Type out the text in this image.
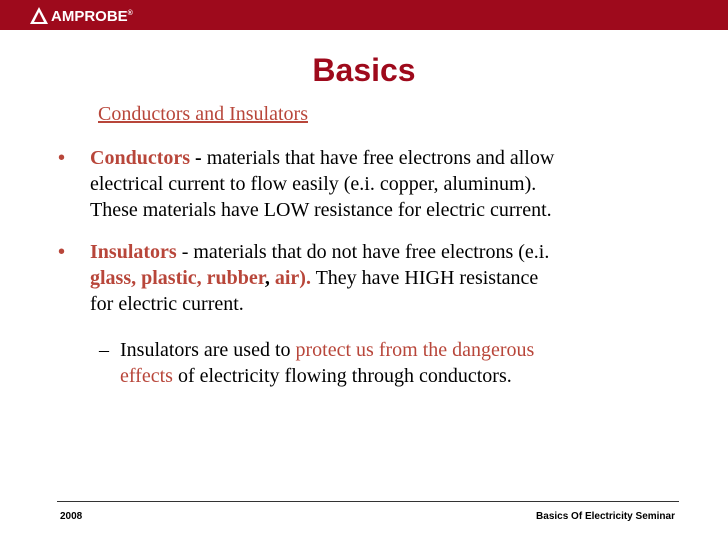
AMPROBE®
Basics
Conductors and Insulators
• Conductors - materials that have free electrons and allow
electrical current to flow easily (e.i. copper, aluminum).
These materials have LOW resistance for electric current.
• Insulators - materials that do not have free electrons (e.i.
glass, plastic, rubber, air). They have HIGH resistance
for electric current.
– Insulators are used to protect us from the dangerous
effects of electricity flowing through conductors.
2008	Basics Of Electricity Seminar
